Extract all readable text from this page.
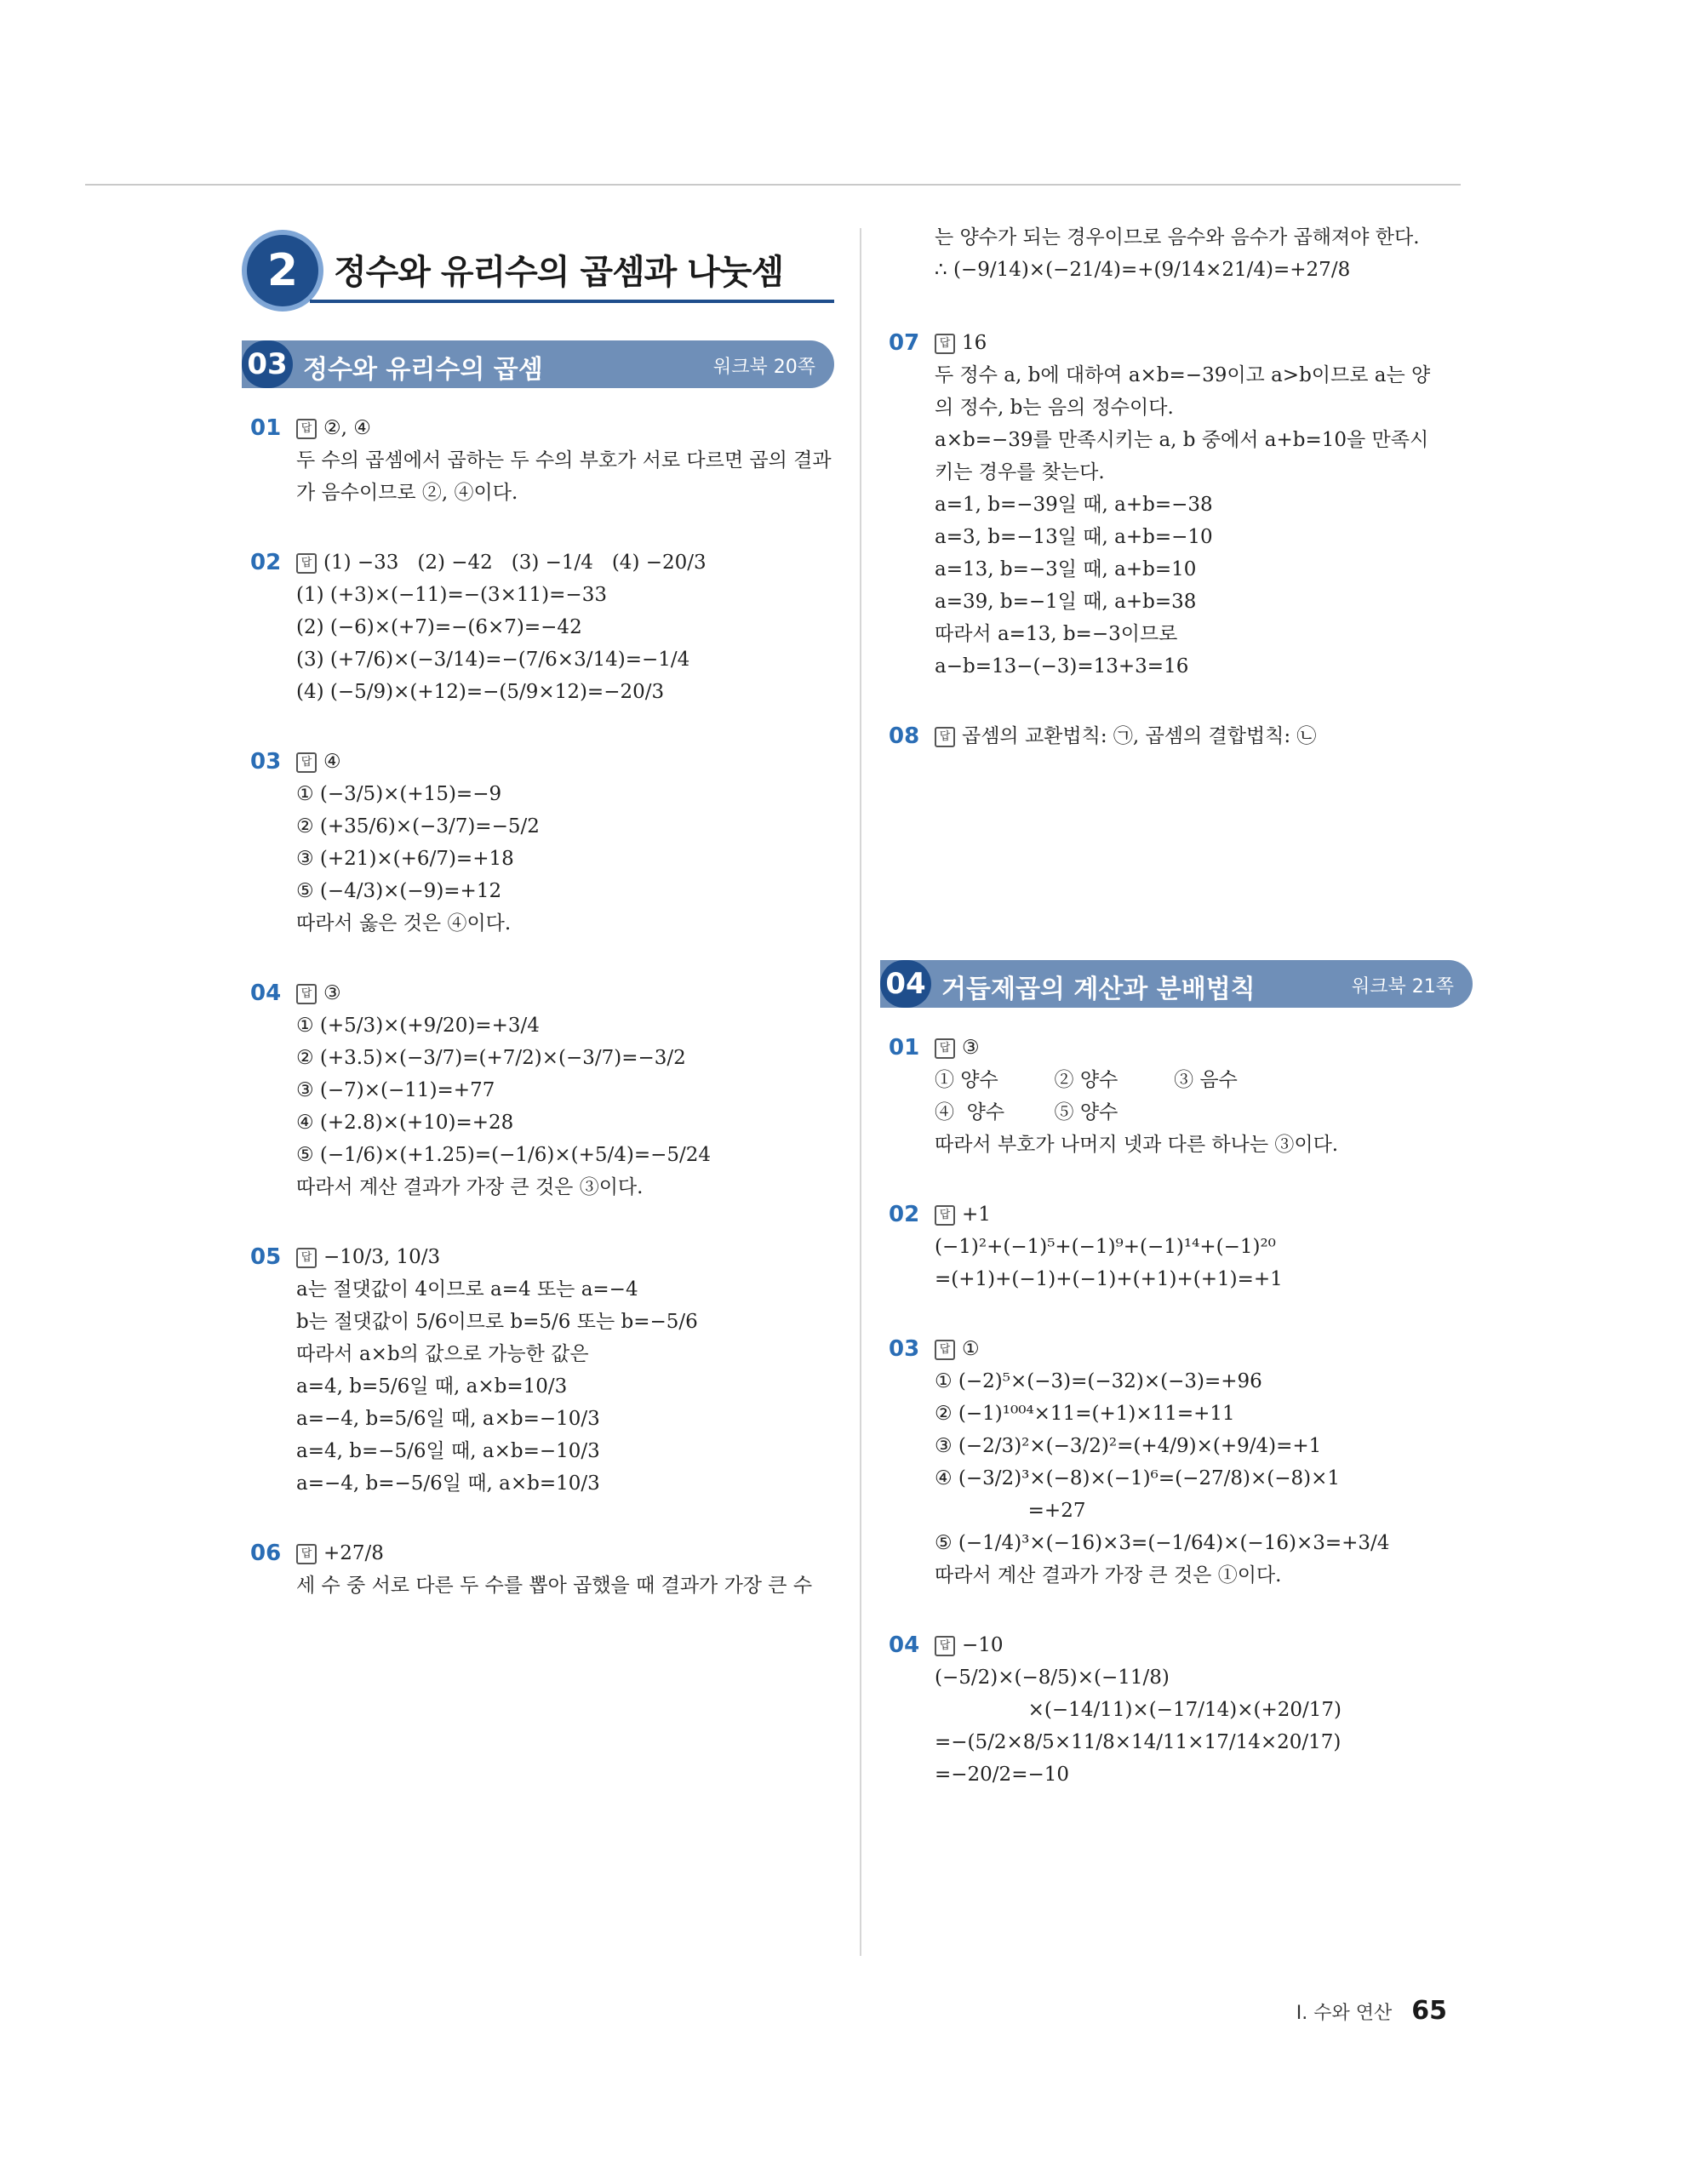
2	정수와 유리수의 곱셈과 나눗셈
03 정수와 유리수의 곱셈	워크북 20쪽
01	답 ②, ④
두 수의 곱셈에서 곱하는 두 수의 부호가 서로 다르면 곱의 결과
가 음수이므로 ②, ④이다.
02	답 (1) −33   (2) −42   (3) −1/4   (4) −20/3
(1) (+3)×(−11)=−(3×11)=−33
(2) (−6)×(+7)=−(6×7)=−42
(3) (+7/6)×(−3/14)=−(7/6×3/14)=−1/4
(4) (−5/9)×(+12)=−(5/9×12)=−20/3
03	답 ④
① (−3/5)×(+15)=−9
② (+35/6)×(−3/7)=−5/2
③ (+21)×(+6/7)=+18
⑤ (−4/3)×(−9)=+12
따라서 옳은 것은 ④이다.
04	답 ③
① (+5/3)×(+9/20)=+3/4
② (+3.5)×(−3/7)=(+7/2)×(−3/7)=−3/2
③ (−7)×(−11)=+77
④ (+2.8)×(+10)=+28
⑤ (−1/6)×(+1.25)=(−1/6)×(+5/4)=−5/24
따라서 계산 결과가 가장 큰 것은 ③이다.
05	답 −10/3, 10/3
a는 절댓값이 4이므로 a=4 또는 a=−4
b는 절댓값이 5/6이므로 b=5/6 또는 b=−5/6
따라서 a×b의 값으로 가능한 값은
a=4, b=5/6일 때, a×b=10/3
a=−4, b=5/6일 때, a×b=−10/3
a=4, b=−5/6일 때, a×b=−10/3
a=−4, b=−5/6일 때, a×b=10/3
06	답 +27/8
세 수 중 서로 다른 두 수를 뽑아 곱했을 때 결과가 가장 큰 수
는 양수가 되는 경우이므로 음수와 음수가 곱해져야 한다.
∴ (−9/14)×(−21/4)=+(9/14×21/4)=+27/8
07	답 16
두 정수 a, b에 대하여 a×b=−39이고 a>b이므로 a는 양
의 정수, b는 음의 정수이다.
a×b=−39를 만족시키는 a, b 중에서 a+b=10을 만족시
키는 경우를 찾는다.
a=1, b=−39일 때, a+b=−38
a=3, b=−13일 때, a+b=−10
a=13, b=−3일 때, a+b=10
a=39, b=−1일 때, a+b=38
따라서 a=13, b=−3이므로
a−b=13−(−3)=13+3=16
08	답 곱셈의 교환법칙: ㉠, 곱셈의 결합법칙: ㉡
04 거듭제곱의 계산과 분배법칙	워크북 21쪽
01	답 ③
① 양수         ② 양수         ③ 음수
④  양수        ⑤ 양수
따라서 부호가 나머지 넷과 다른 하나는 ③이다.
02	답 +1
(−1)²+(−1)⁵+(−1)⁹+(−1)¹⁴+(−1)²⁰
=(+1)+(−1)+(−1)+(+1)+(+1)=+1
03	답 ①
① (−2)⁵×(−3)=(−32)×(−3)=+96
② (−1)¹⁰⁰⁴×11=(+1)×11=+11
③ (−2/3)²×(−3/2)²=(+4/9)×(+9/4)=+1
④ (−3/2)³×(−8)×(−1)⁶=(−27/8)×(−8)×1
=+27
⑤ (−1/4)³×(−16)×3=(−1/64)×(−16)×3=+3/4
따라서 계산 결과가 가장 큰 것은 ①이다.
04	답 −10
(−5/2)×(−8/5)×(−11/8)
×(−14/11)×(−17/14)×(+20/17)
=−(5/2×8/5×11/8×14/11×17/14×20/17)
=−20/2=−10
I. 수와 연산 65
